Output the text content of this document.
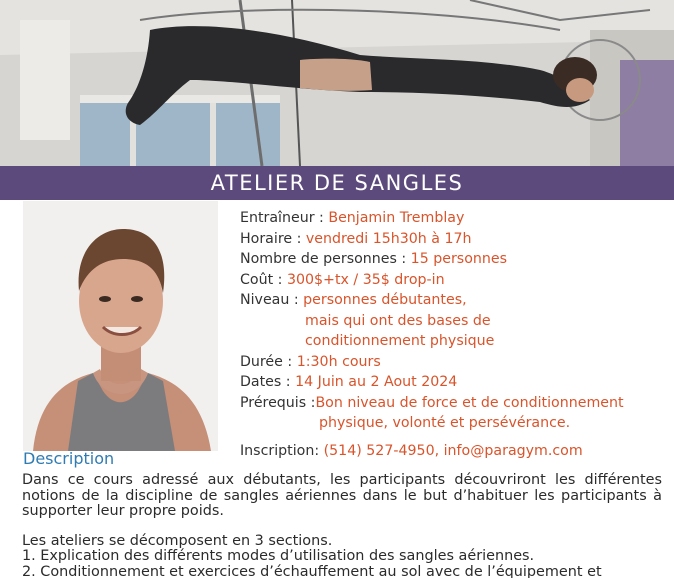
ATELIER DE SANGLES
Entraîneur : Benjamin Tremblay
Horaire : vendredi 15h30h à 17h
Nombre de personnes : 15 personnes
Coût : 300$+tx / 35$ drop-in
Niveau : personnes débutantes,
mais qui ont des bases de
conditionnement physique
Durée : 1:30h cours
Dates : 14 Juin au 2 Aout 2024
Prérequis :Bon niveau de force et de conditionnement
physique, volonté et persévérance.
Inscription: (514) 527-4950, info@paragym.com
Description

Dans ce cours adressé aux débutants, les participants découvriront les différentes notions de la discipline de sangles aériennes dans le but d’habituer les participants à supporter leur propre poids.

Les ateliers se décomposent en 3 sections.

1. Explication des différents modes d’utilisation des sangles aériennes.

2. Conditionnement et exercices d’échauffement au sol avec de l’équipement et
